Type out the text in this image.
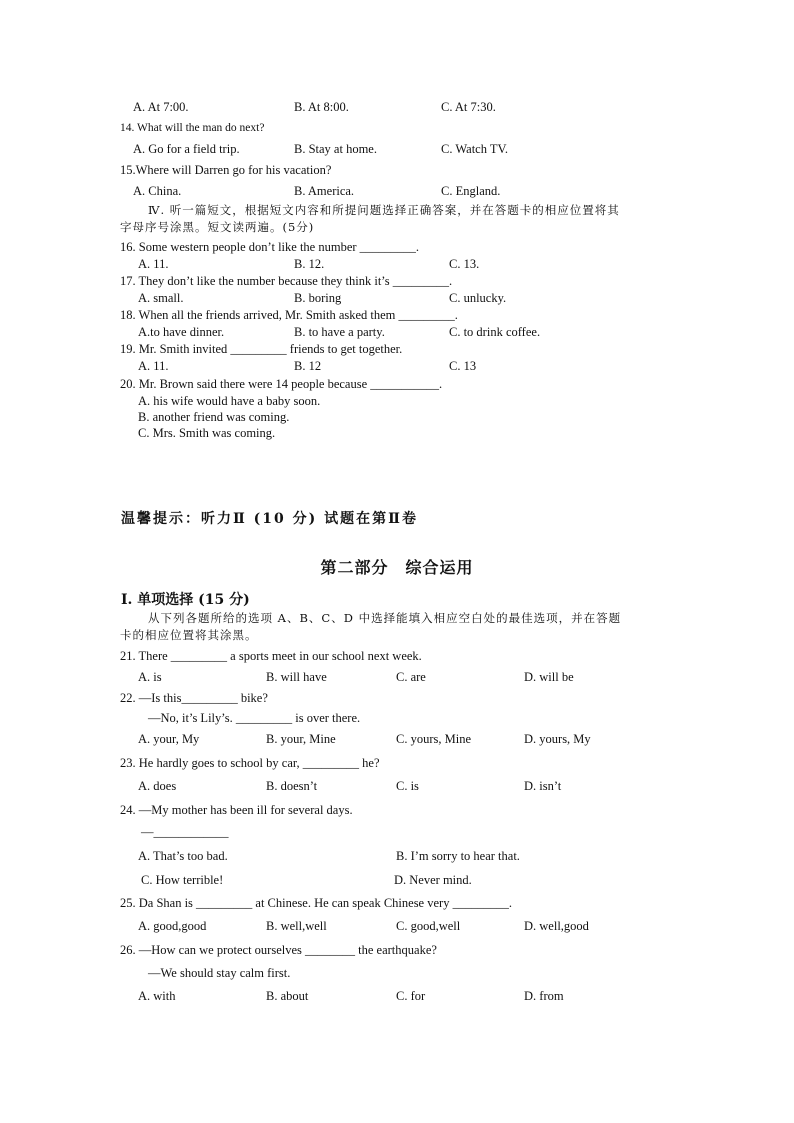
A. At 7:00.	B. At 8:00.	C. At 7:30.
14. What will the man do next?
A. Go for a field trip.	B. Stay at home.	C. Watch TV.
15.Where will Darren go for his vacation?
A. China.	B. America.	C. England.
Ⅳ. 听一篇短文，根据短文内容和所提问题选择正确答案，并在答题卡的相应位置将其
字母序号涂黑。短文读两遍。(5分)
16. Some western people don’t like the number _________.
A. 11.	B. 12.	C. 13.
17. They don’t like the number because they think it’s _________.
A. small.	B. boring	C. unlucky.
18. When all the friends arrived, Mr. Smith asked them _________.
A.to have dinner.	B. to have a party.	C. to drink coffee.
19. Mr. Smith invited _________ friends to get together.
A. 11.	B. 12	C. 13
20. Mr. Brown said there were 14 people because ___________.
A. his wife would have a baby soon.
B. another friend was coming.
C. Mrs. Smith was coming.
温馨提示：听力Ⅱ (10 分) 试题在第Ⅱ卷
第二部分　综合运用
Ⅰ. 单项选择 (15 分)
从下列各题所给的选项 A、B、C、D 中选择能填入相应空白处的最佳选项，并在答题
卡的相应位置将其涂黑。
21. There _________ a sports meet in our school next week.
A. is	B. will have	C. are	D. will be
22. —Is this_________ bike?
—No, it’s Lily’s. _________ is over there.
A. your, My	B. your, Mine	C. yours, Mine	D. yours, My
23. He hardly goes to school by car, _________ he?
A. does	B. doesn’t	C. is	D. isn’t
24. —My mother has been ill for several days.
—____________
A. That’s too bad.	B. I’m sorry to hear that.
C. How terrible!	D. Never mind.
25. Da Shan is _________ at Chinese. He can speak Chinese very _________.
A. good,good	B. well,well	C. good,well	D. well,good
26. —How can we protect ourselves ________ the earthquake?
—We should stay calm first.
A. with	B. about	C. for	D. from
